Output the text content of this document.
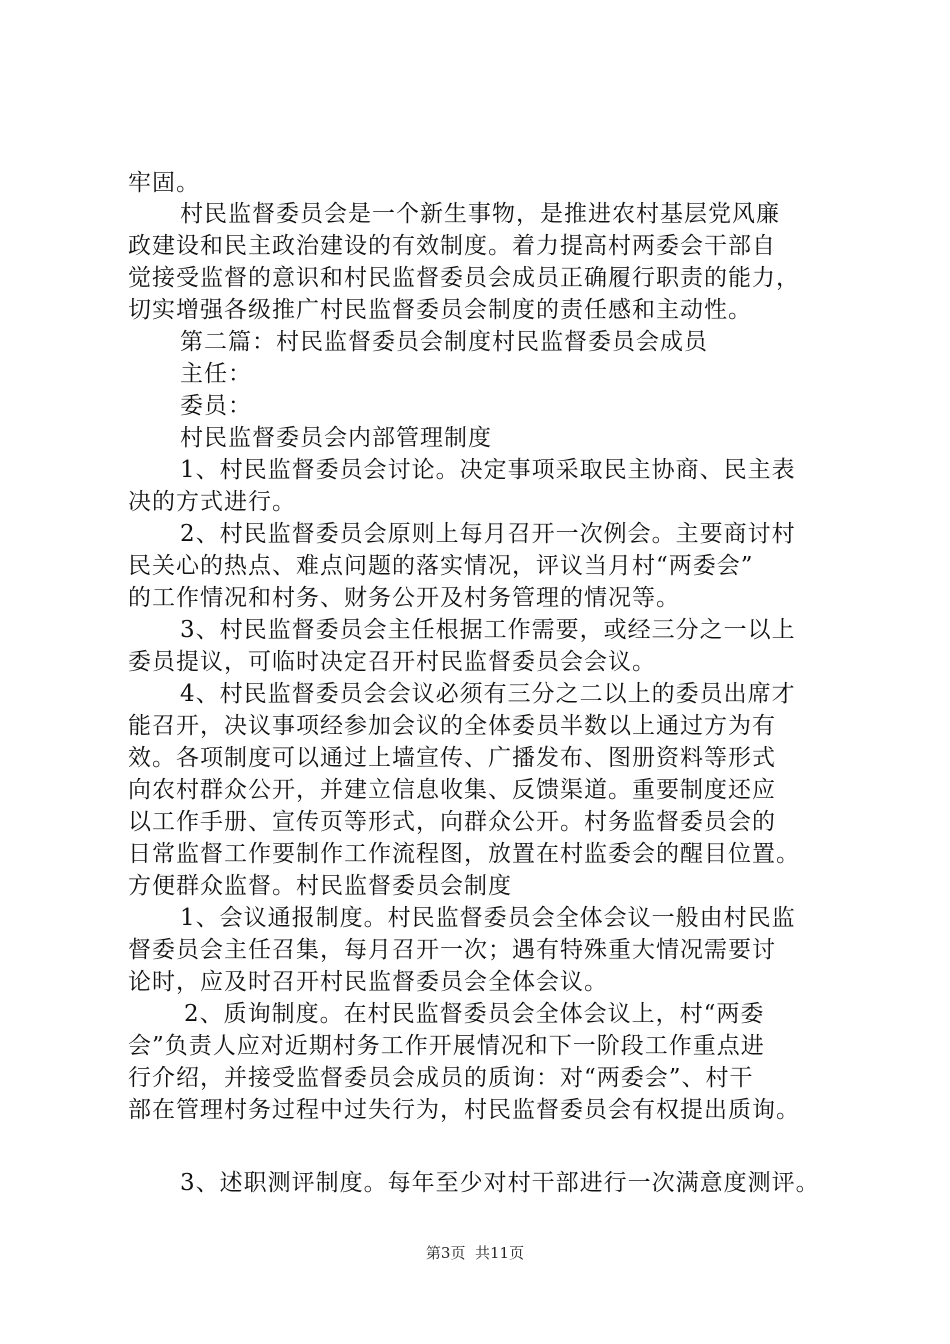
牢固。
村民监督委员会是一个新生事物，是推进农村基层党风廉
政建设和民主政治建设的有效制度。着力提高村两委会干部自
觉接受监督的意识和村民监督委员会成员正确履行职责的能力，
切实增强各级推广村民监督委员会制度的责任感和主动性。
第二篇：村民监督委员会制度村民监督委员会成员
主任：
委员：
村民监督委员会内部管理制度
1、村民监督委员会讨论。决定事项采取民主协商、民主表
决的方式进行。
2、村民监督委员会原则上每月召开一次例会。主要商讨村
民关心的热点、难点问题的落实情况，评议当月村“两委会”
的工作情况和村务、财务公开及村务管理的情况等。
3、村民监督委员会主任根据工作需要，或经三分之一以上
委员提议，可临时决定召开村民监督委员会会议。
4、村民监督委员会会议必须有三分之二以上的委员出席才
能召开，决议事项经参加会议的全体委员半数以上通过方为有
效。各项制度可以通过上墙宣传、广播发布、图册资料等形式
向农村群众公开，并建立信息收集、反馈渠道。重要制度还应
以工作手册、宣传页等形式，向群众公开。村务监督委员会的
日常监督工作要制作工作流程图，放置在村监委会的醒目位置。
方便群众监督。村民监督委员会制度
1、会议通报制度。村民监督委员会全体会议一般由村民监
督委员会主任召集，每月召开一次；遇有特殊重大情况需要讨
论时，应及时召开村民监督委员会全体会议。
2、质询制度。在村民监督委员会全体会议上，村“两委
会”负责人应对近期村务工作开展情况和下一阶段工作重点进
行介绍，并接受监督委员会成员的质询：对“两委会”、村干
部在管理村务过程中过失行为，村民监督委员会有权提出质询。
3、述职测评制度。每年至少对村干部进行一次满意度测评。
第3页  共11页
